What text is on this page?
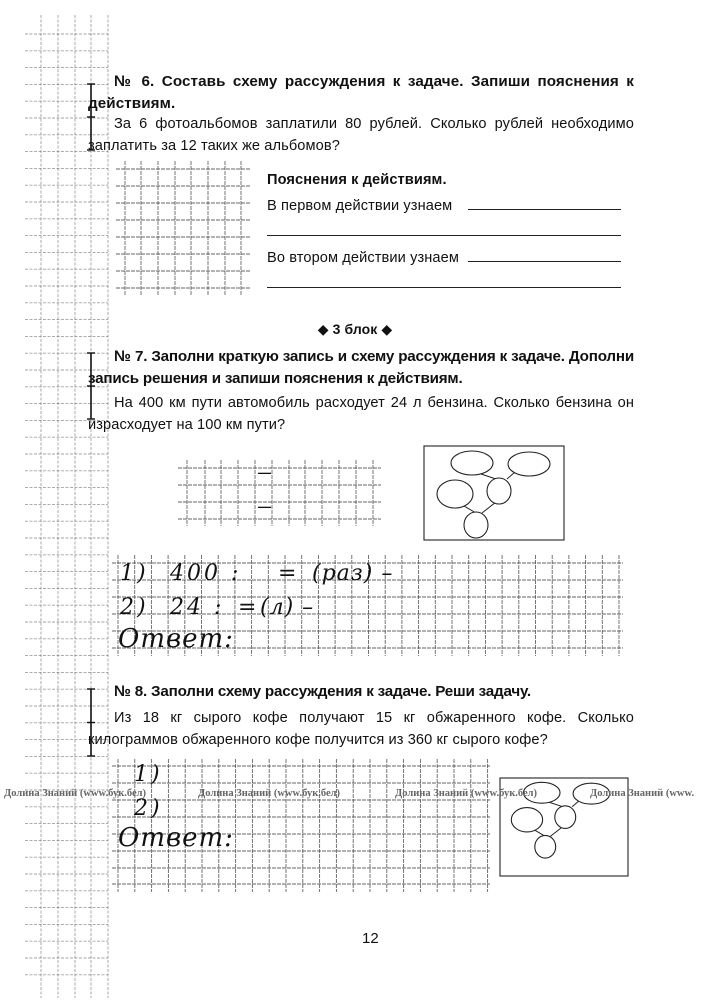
№ 6. Составь схему рассуждения к задаче. Запиши пояснения к действиям.
За 6 фотоальбомов заплатили 80 рублей. Сколько рублей необходимо заплатить за 12 таких же альбомов?
Пояснения к действиям.
В первом действии узнаем
Во втором действии узнаем
◆ 3 блок ◆
№ 7. Заполни краткую запись и схему рассуждения к задаче. Дополни запись решения и запиши пояснения к действиям.
На 400 км пути автомобиль расходует 24 л бензина. Сколько бензина он израсходует на 100 км пути?
—
—
1) 400 : = (раз) –
2) 24 : = (л) –
Ответ:
№ 8. Заполни схему рассуждения к задаче. Реши задачу.
Из 18 кг сырого кофе получают 15 кг обжаренного кофе. Сколько килограммов обжаренного кофе получится из 360 кг сырого кофе?
1)
2)
Ответ:
Долина Знаний (www.бук.бел)	Долина Знаний (www.бук.бел)	Долина Знаний (www.бук.бел)	Долина Знаний (www.
12
